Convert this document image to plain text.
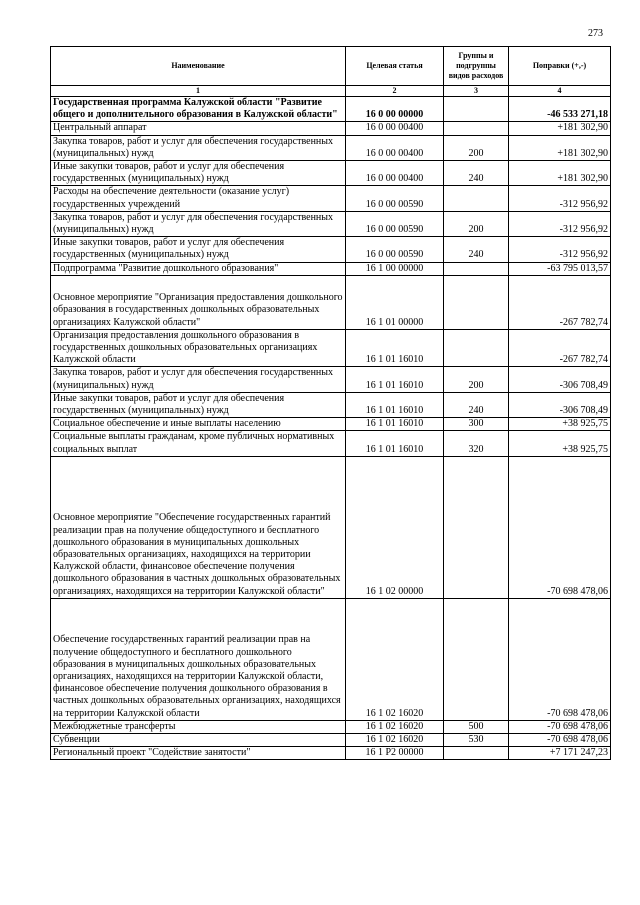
273
Наименование	Целевая статья	Группы и подгруппы видов расходов	Поправки (+,-)
1	2	3	4
Государственная программа Калужской области "Развитие общего и дополнительного образования в Калужской области"	16 0 00 00000		-46 533 271,18
Центральный аппарат	16 0 00 00400		+181 302,90
Закупка товаров, работ и услуг для обеспечения государственных (муниципальных) нужд	16 0 00 00400	200	+181 302,90
Иные закупки товаров, работ и услуг для обеспечения государственных (муниципальных) нужд	16 0 00 00400	240	+181 302,90
Расходы на обеспечение деятельности (оказание услуг) государственных учреждений	16 0 00 00590		-312 956,92
Закупка товаров, работ и услуг для обеспечения государственных (муниципальных) нужд	16 0 00 00590	200	-312 956,92
Иные закупки товаров, работ и услуг для обеспечения государственных (муниципальных) нужд	16 0 00 00590	240	-312 956,92
Подпрограмма "Развитие дошкольного образования"	16 1 00 00000		-63 795 013,57
Основное мероприятие "Организация предоставления дошкольного образования в государственных дошкольных образовательных организациях Калужской области"	16 1 01 00000		-267 782,74
Организация предоставления дошкольного образования в государственных дошкольных образовательных организациях Калужской области	16 1 01 16010		-267 782,74
Закупка товаров, работ и услуг для обеспечения государственных (муниципальных) нужд	16 1 01 16010	200	-306 708,49
Иные закупки товаров, работ и услуг для обеспечения государственных (муниципальных) нужд	16 1 01 16010	240	-306 708,49
Социальное обеспечение и иные выплаты населению	16 1 01 16010	300	+38 925,75
Социальные выплаты гражданам, кроме публичных нормативных социальных выплат	16 1 01 16010	320	+38 925,75
Основное мероприятие "Обеспечение государственных гарантий реализации прав на получение общедоступного и бесплатного дошкольного образования в муниципальных дошкольных образовательных организациях, находящихся на территории Калужской области, финансовое обеспечение получения дошкольного образования в частных дошкольных образовательных организациях, находящихся на территории Калужской области"	16 1 02 00000		-70 698 478,06
Обеспечение государственных гарантий реализации прав на получение общедоступного и бесплатного дошкольного образования в муниципальных дошкольных образовательных организациях, находящихся на территории Калужской области, финансовое обеспечение получения дошкольного образования в частных дошкольных образовательных организациях, находящихся на территории Калужской области	16 1 02 16020		-70 698 478,06
Межбюджетные трансферты	16 1 02 16020	500	-70 698 478,06
Субвенции	16 1 02 16020	530	-70 698 478,06
Региональный проект "Содействие занятости"	16 1 P2 00000		+7 171 247,23
